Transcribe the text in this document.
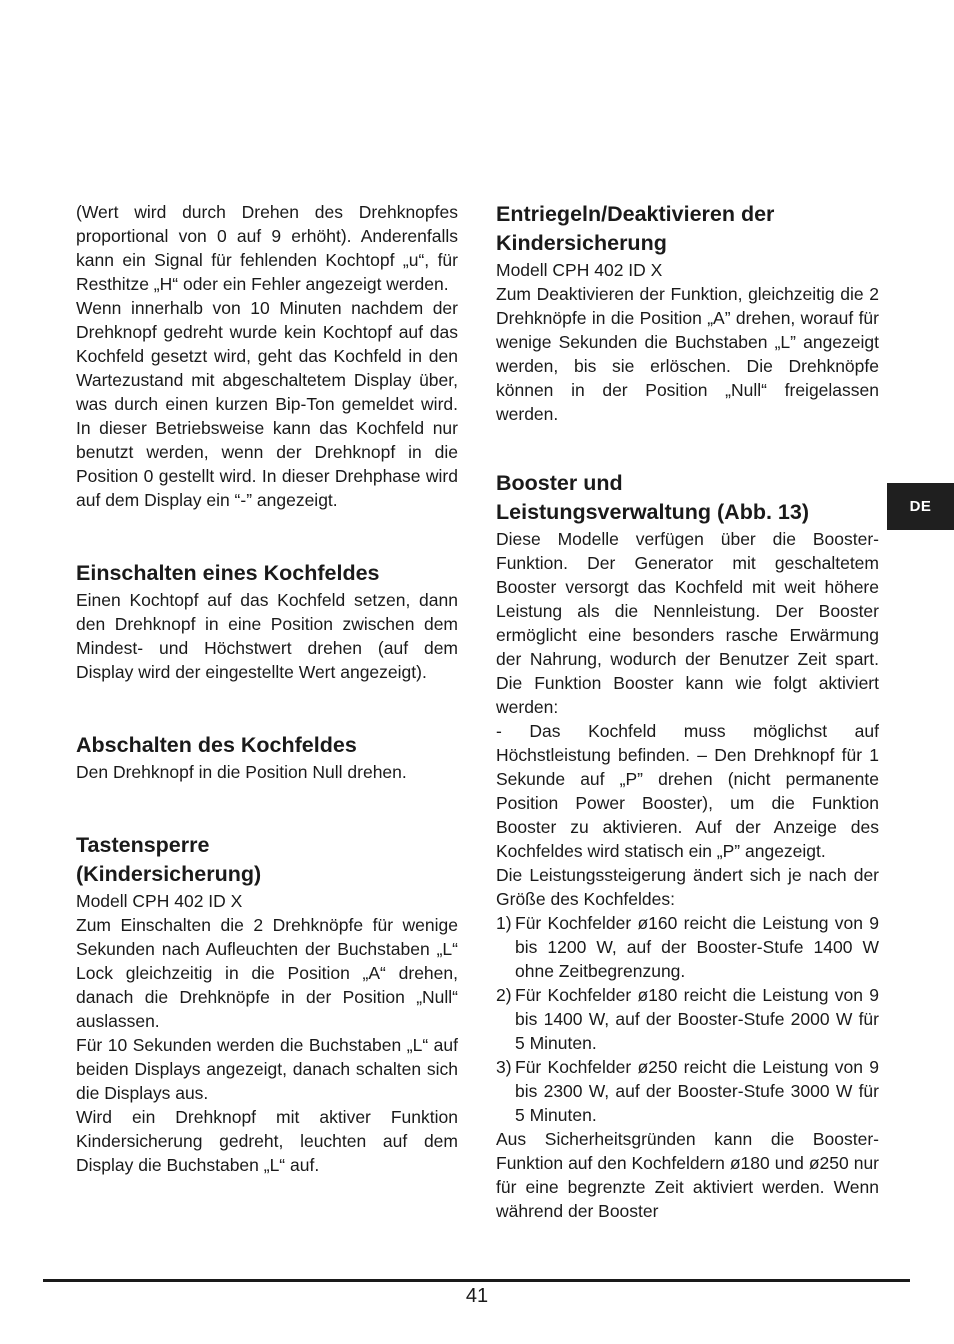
(Wert wird durch Drehen des Drehknopfes proportional von 0 auf 9 erhöht). Anderenfalls kann ein Signal für fehlenden Kochtopf „u“, für Resthitze „H“ oder ein Fehler angezeigt werden.

Wenn innerhalb von 10 Minuten nachdem der Drehknopf gedreht wurde kein Kochtopf auf das Kochfeld gesetzt wird, geht das Kochfeld in den Wartezustand mit abgeschaltetem Display über, was durch einen kurzen Bip-Ton gemeldet wird. In dieser Betriebsweise kann das Kochfeld nur benutzt werden, wenn der Drehknopf in die Position 0 gestellt wird. In dieser Drehphase wird auf dem Display ein “-” angezeigt.

Einschalten eines Kochfeldes

Einen Kochtopf auf das Kochfeld setzen, dann den Drehknopf in eine Position zwischen dem Mindest- und Höchstwert drehen (auf dem Display wird der eingestellte Wert angezeigt).

Abschalten des Kochfeldes

Den Drehknopf in die Position Null drehen.

Tastensperre
(Kindersicherung)

Modell CPH 402 ID X

Zum Einschalten die 2 Drehknöpfe für wenige Sekunden nach Aufleuchten der Buchstaben „L“ Lock gleichzeitig in die Position „A“ drehen, danach die Drehknöpfe in der Position „Null“ auslassen.

Für 10 Sekunden werden die Buchstaben „L“ auf beiden Displays angezeigt, danach schalten sich die Displays aus.

Wird ein Drehknopf mit aktiver Funktion Kindersicherung gedreht, leuchten auf dem Display die Buchstaben „L“ auf.

Entriegeln/Deaktivieren der
Kindersicherung

Modell CPH 402 ID X

Zum Deaktivieren der Funktion, gleichzeitig die 2 Drehknöpfe in die Position „A” drehen, worauf für wenige Sekunden die Buchstaben „L” angezeigt werden, bis sie erlöschen. Die Drehknöpfe können in der Position „Null“ freigelassen werden.

Booster und
Leistungsverwaltung (Abb. 13)

Diese Modelle verfügen über die Booster-Funktion. Der Generator mit geschaltetem Booster versorgt das Kochfeld mit weit höhere Leistung als die Nennleistung. Der Booster ermöglicht eine besonders rasche Erwärmung der Nahrung, wodurch der Benutzer Zeit spart. Die Funktion Booster kann wie folgt aktiviert werden:

- Das Kochfeld muss möglichst auf Höchstleistung befinden. – Den Drehknopf für 1 Sekunde auf „P” drehen (nicht permanente Position Power Booster), um die Funktion Booster zu aktivieren. Auf der Anzeige des Kochfeldes wird statisch ein „P” angezeigt.

Die Leistungssteigerung ändert sich je nach der Größe des Kochfeldes:

1) Für Kochfelder ø160 reicht die Leistung von 9 bis 1200 W, auf der Booster-Stufe 1400 W ohne Zeitbegrenzung.
2) Für Kochfelder ø180 reicht die Leistung von 9 bis 1400 W, auf der Booster-Stufe 2000 W für 5 Minuten.
3) Für Kochfelder ø250 reicht die Leistung von 9 bis 2300 W, auf der Booster-Stufe 3000 W für 5 Minuten.

Aus Sicherheitsgründen kann die Booster-Funktion auf den Kochfeldern ø180 und ø250 nur für eine begrenzte Zeit aktiviert werden. Wenn während der Booster

DE
41
